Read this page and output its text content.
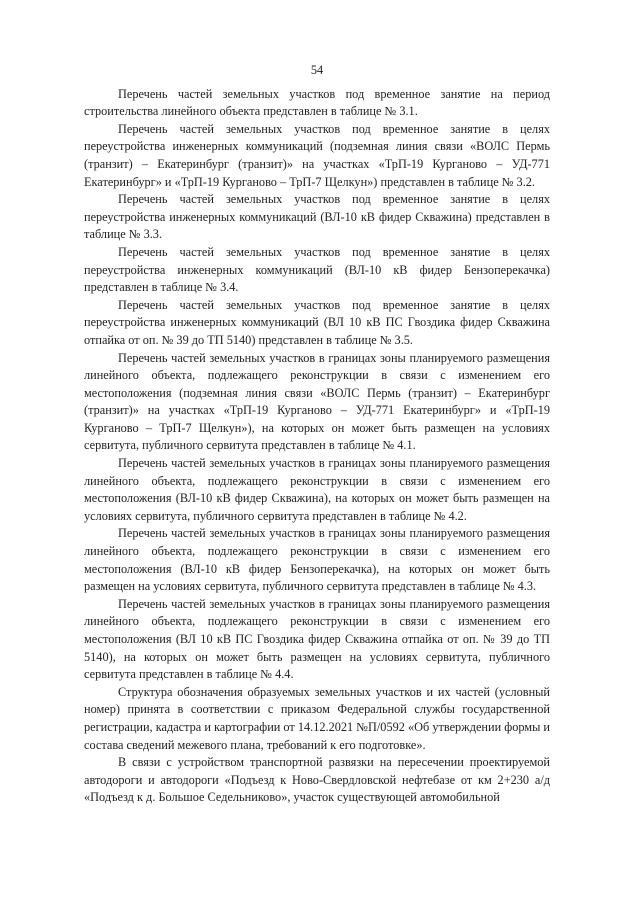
54

Перечень частей земельных участков под временное занятие на период строительства линейного объекта представлен в таблице № 3.1.

Перечень частей земельных участков под временное занятие в целях переустройства инженерных коммуникаций (подземная линия связи «ВОЛС Пермь (транзит) – Екатеринбург (транзит)» на участках «ТрП-19 Курганово – УД-771 Екатеринбург» и «ТрП-19 Курганово – ТрП-7 Щелкун») представлен в таблице № 3.2.

Перечень частей земельных участков под временное занятие в целях переустройства инженерных коммуникаций (ВЛ-10 кВ фидер Скважина) представлен в таблице № 3.3.

Перечень частей земельных участков под временное занятие в целях переустройства инженерных коммуникаций (ВЛ-10 кВ фидер Бензоперекачка) представлен в таблице № 3.4.

Перечень частей земельных участков под временное занятие в целях переустройства инженерных коммуникаций (ВЛ 10 кВ ПС Гвоздика фидер Скважина отпайка от оп. № 39 до ТП 5140) представлен в таблице № 3.5.

Перечень частей земельных участков в границах зоны планируемого размещения линейного объекта, подлежащего реконструкции в связи с изменением его местоположения (подземная линия связи «ВОЛС Пермь (транзит) – Екатеринбург (транзит)» на участках «ТрП-19 Курганово – УД-771 Екатеринбург» и «ТрП-19 Курганово – ТрП-7 Щелкун»), на которых он может быть размещен на условиях сервитута, публичного сервитута представлен в таблице № 4.1.

Перечень частей земельных участков в границах зоны планируемого размещения линейного объекта, подлежащего реконструкции в связи с изменением его местоположения (ВЛ-10 кВ фидер Скважина), на которых он может быть размещен на условиях сервитута, публичного сервитута представлен в таблице № 4.2.

Перечень частей земельных участков в границах зоны планируемого размещения линейного объекта, подлежащего реконструкции в связи с изменением его местоположения (ВЛ-10 кВ фидер Бензоперекачка), на которых он может быть размещен на условиях сервитута, публичного сервитута представлен в таблице № 4.3.

Перечень частей земельных участков в границах зоны планируемого размещения линейного объекта, подлежащего реконструкции в связи с изменением его местоположения (ВЛ 10 кВ ПС Гвоздика фидер Скважина отпайка от оп. № 39 до ТП 5140), на которых он может быть размещен на условиях сервитута, публичного сервитута представлен в таблице № 4.4.

Структура обозначения образуемых земельных участков и их частей (условный номер) принята в соответствии с приказом Федеральной службы государственной регистрации, кадастра и картографии от 14.12.2021 №П/0592 «Об утверждении формы и состава сведений межевого плана, требований к его подготовке».

В связи с устройством транспортной развязки на пересечении проектируемой автодороги и автодороги «Подъезд к Ново-Свердловской нефтебазе от км 2+230 а/д «Подъезд к д. Большое Седельниково», участок существующей автомобильной
